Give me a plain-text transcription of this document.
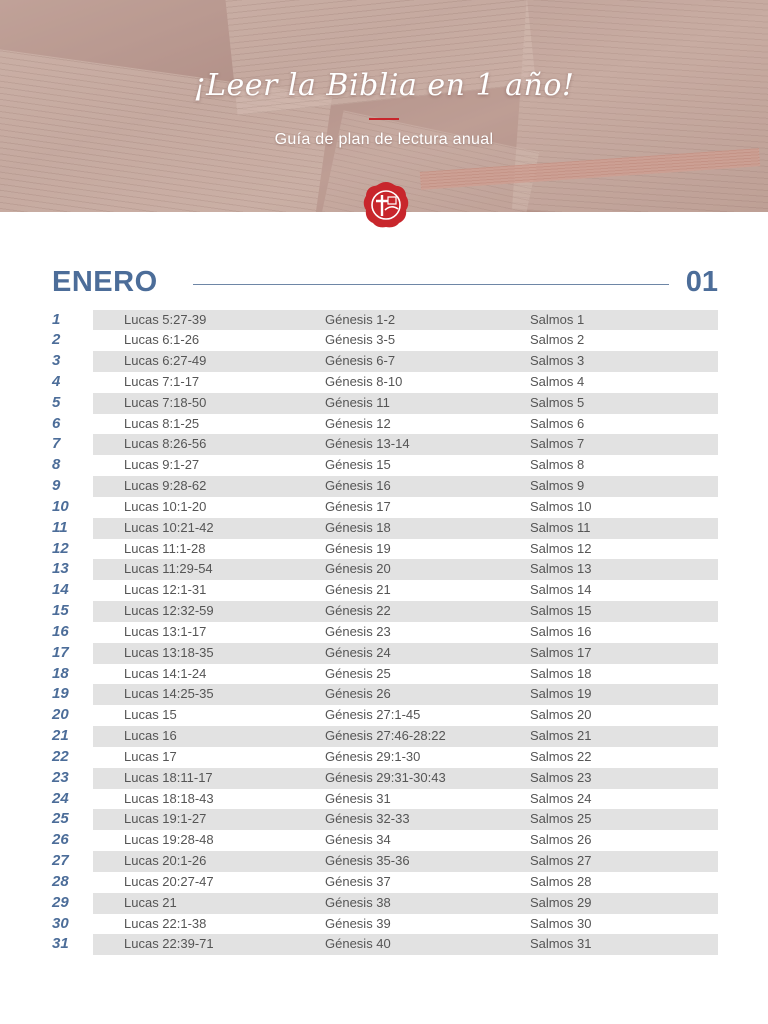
¡Leer la Biblia en 1 año!
Guía de plan de lectura anual
ENERO	01
1	Lucas 5:27-39	Génesis 1-2	Salmos 1
2	Lucas 6:1-26	Génesis 3-5	Salmos 2
3	Lucas 6:27-49	Génesis 6-7	Salmos 3
4	Lucas 7:1-17	Génesis 8-10	Salmos 4
5	Lucas 7:18-50	Génesis 11	Salmos 5
6	Lucas 8:1-25	Génesis 12	Salmos 6
7	Lucas 8:26-56	Génesis 13-14	Salmos 7
8	Lucas 9:1-27	Génesis 15	Salmos 8
9	Lucas 9:28-62	Génesis 16	Salmos 9
10	Lucas 10:1-20	Génesis 17	Salmos 10
11	Lucas 10:21-42	Génesis 18	Salmos 11
12	Lucas 11:1-28	Génesis 19	Salmos 12
13	Lucas 11:29-54	Génesis 20	Salmos 13
14	Lucas 12:1-31	Génesis 21	Salmos 14
15	Lucas 12:32-59	Génesis 22	Salmos 15
16	Lucas 13:1-17	Génesis 23	Salmos 16
17	Lucas 13:18-35	Génesis 24	Salmos 17
18	Lucas 14:1-24	Génesis 25	Salmos 18
19	Lucas 14:25-35	Génesis 26	Salmos 19
20	Lucas 15	Génesis 27:1-45	Salmos 20
21	Lucas 16	Génesis 27:46-28:22	Salmos 21
22	Lucas 17	Génesis 29:1-30	Salmos 22
23	Lucas 18:11-17	Génesis 29:31-30:43	Salmos 23
24	Lucas 18:18-43	Génesis 31	Salmos 24
25	Lucas 19:1-27	Génesis 32-33	Salmos 25
26	Lucas 19:28-48	Génesis 34	Salmos 26
27	Lucas 20:1-26	Génesis 35-36	Salmos 27
28	Lucas 20:27-47	Génesis 37	Salmos 28
29	Lucas 21	Génesis 38	Salmos 29
30	Lucas 22:1-38	Génesis 39	Salmos 30
31	Lucas 22:39-71	Génesis 40	Salmos 31
